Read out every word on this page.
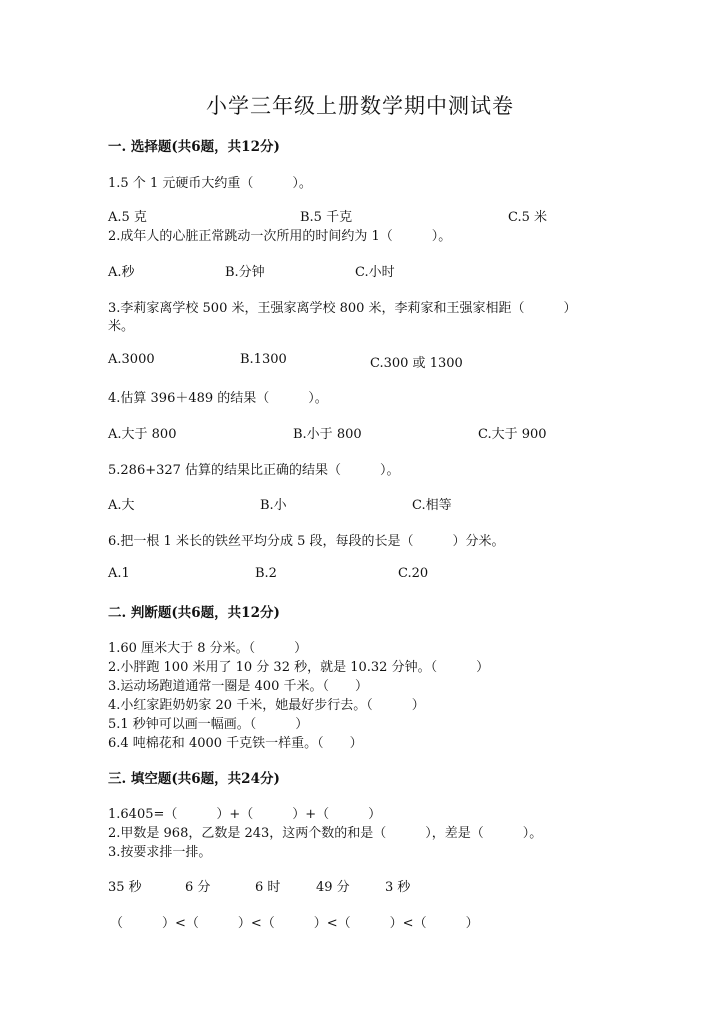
小学三年级上册数学期中测试卷
一. 选择题(共6题，共12分)
1.5 个 1 元硬币大约重（　　　）。
A.5 克	B.5 千克	C.5 米
2.成年人的心脏正常跳动一次所用的时间约为 1（　　　）。
A.秒	B.分钟	C.小时
3.李莉家离学校 500 米，王强家离学校 800 米，李莉家和王强家相距（　　　）
米。
A.3000	B.1300	C.300 或 1300
4.估算 396＋489 的结果（　　　）。
A.大于 800	B.小于 800	C.大于 900
5.286+327 估算的结果比正确的结果（　　　）。
A.大	B.小	C.相等
6.把一根 1 米长的铁丝平均分成 5 段，每段的长是（　　　）分米。
A.1	B.2	C.20
二. 判断题(共6题，共12分)
1.60 厘米大于 8 分米。（　　　）
2.小胖跑 100 米用了 10 分 32 秒，就是 10.32 分钟。（　　　）
3.运动场跑道通常一圈是 400 千米。（　　）
4.小红家距奶奶家 20 千米，她最好步行去。（　　　）
5.1 秒钟可以画一幅画。（　　　）
6.4 吨棉花和 4000 千克铁一样重。（　　）
三. 填空题(共6题，共24分)
1.6405=（　　　）+（　　　）+（　　　）
2.甲数是 968，乙数是 243，这两个数的和是（　　　），差是（　　　）。
3.按要求排一排。
35 秒	6 分	6 时	49 分	3 秒
（　　　）<（　　　）<（　　　）<（　　　）<（　　　）
